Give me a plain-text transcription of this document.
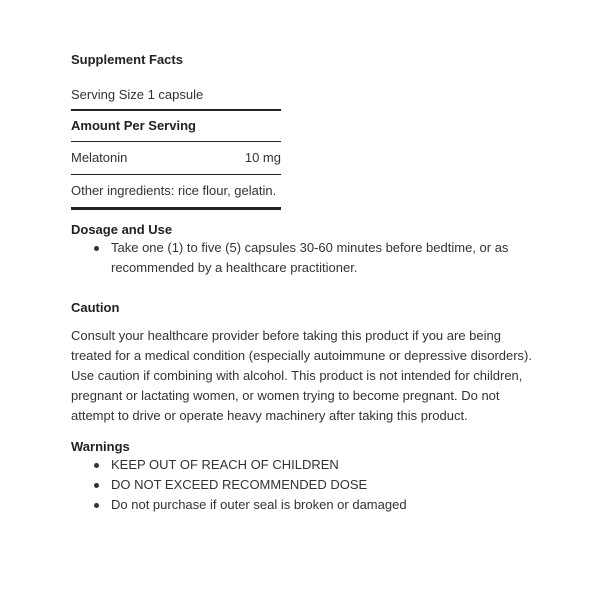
Supplement Facts
Serving Size 1 capsule
Amount Per Serving
Melatonin	10 mg
Other ingredients: rice flour, gelatin.
Dosage and Use
Take one (1) to five (5) capsules 30-60 minutes before bedtime, or as recommended by a healthcare practitioner.
Caution
Consult your healthcare provider before taking this product if you are being treated for a medical condition (especially autoimmune or depressive disorders). Use caution if combining with alcohol. This product is not intended for children, pregnant or lactating women, or women trying to become pregnant. Do not attempt to drive or operate heavy machinery after taking this product.
Warnings
KEEP OUT OF REACH OF CHILDREN
DO NOT EXCEED RECOMMENDED DOSE
Do not purchase if outer seal is broken or damaged
